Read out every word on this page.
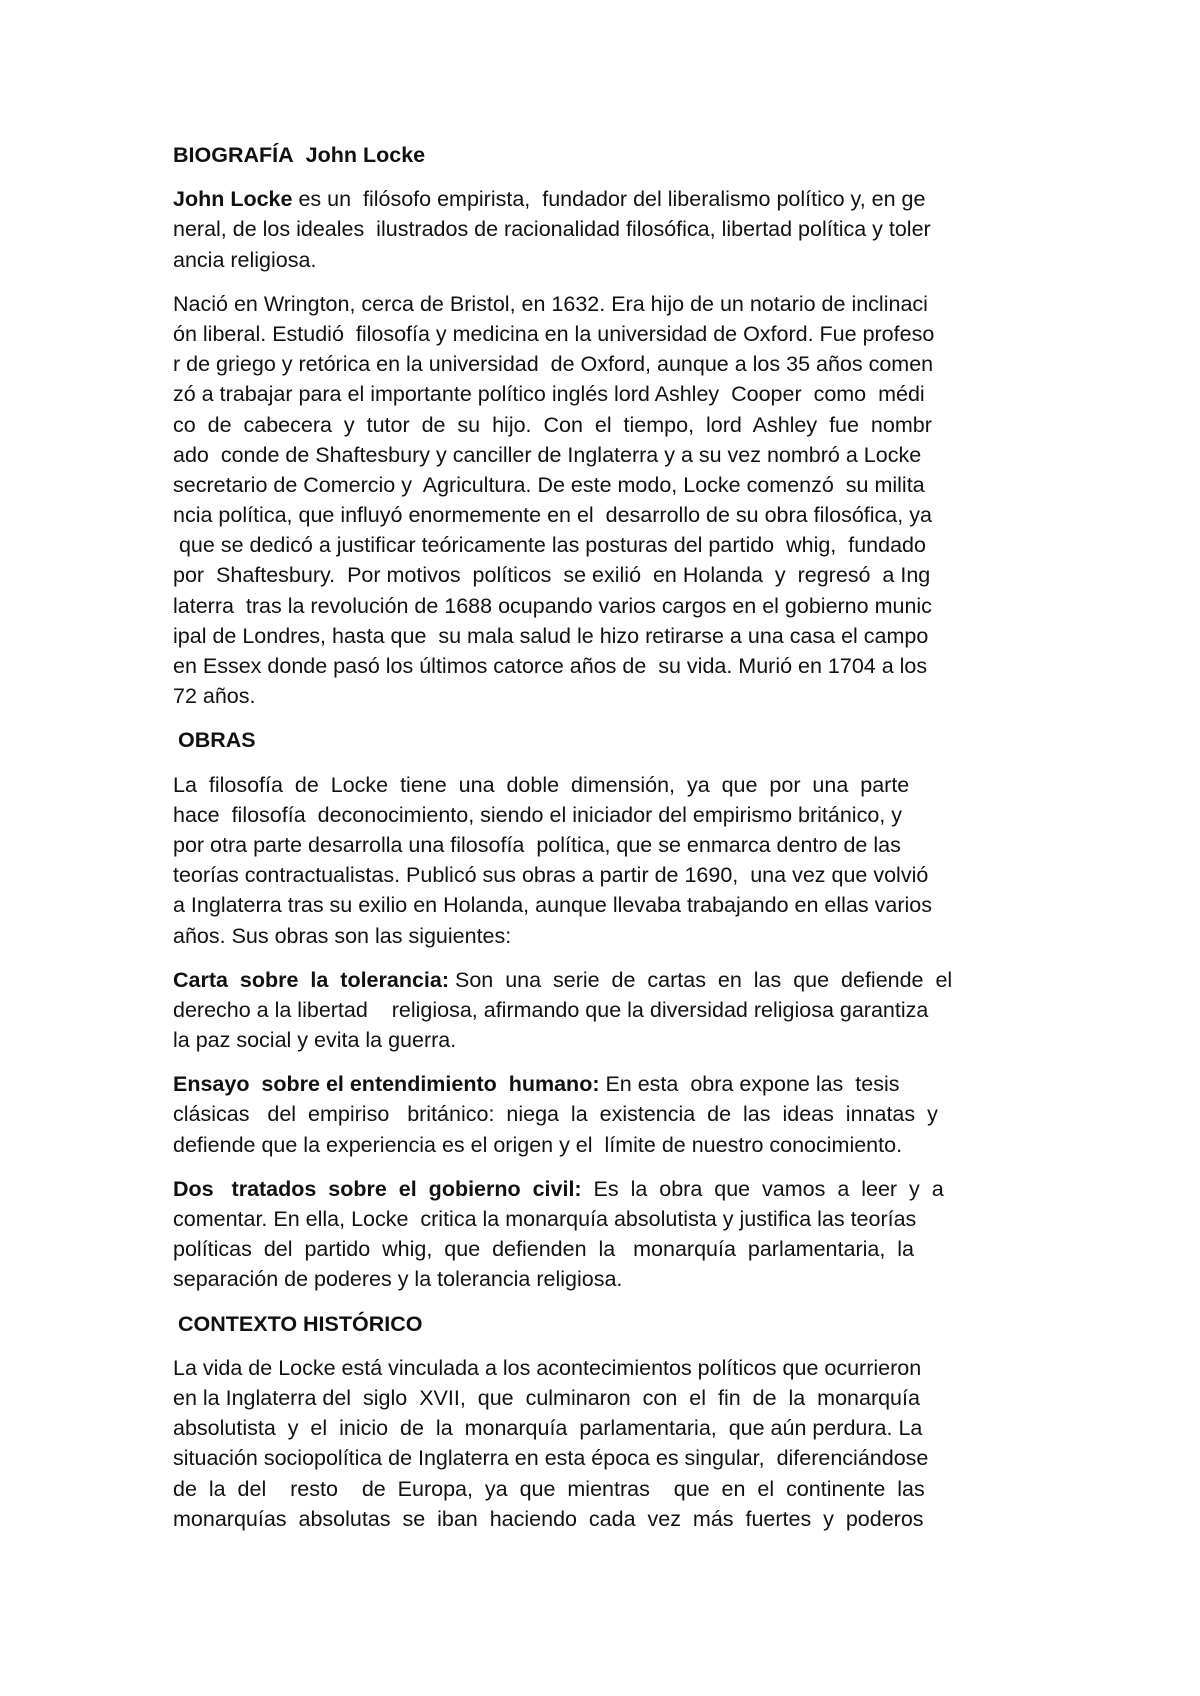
BIOGRAFÍA John Locke
John Locke es un  filósofo empirista,  fundador del liberalismo político y, en ge
neral, de los ideales  ilustrados de racionalidad filosófica, libertad política y toler
ancia religiosa.
Nació en Wrington, cerca de Bristol, en 1632. Era hijo de un notario de inclinaci
ón liberal. Estudió  filosofía y medicina en la universidad de Oxford. Fue profeso
r de griego y retórica en la universidad  de Oxford, aunque a los 35 años comen
zó a trabajar para el importante político inglés lord Ashley  Cooper  como  médi
co  de  cabecera  y  tutor  de  su  hijo.  Con  el  tiempo,  lord  Ashley  fue  nombr
ado  conde de Shaftesbury y canciller de Inglaterra y a su vez nombró a Locke
secretario de Comercio y  Agricultura. De este modo, Locke comenzó  su milita
ncia política, que influyó enormemente en el  desarrollo de su obra filosófica, ya
que se dedicó a justificar teóricamente las posturas del partido  whig,  fundado
por  Shaftesbury.  Por motivos  políticos  se exilió  en Holanda  y  regresó  a Ing
laterra  tras la revolución de 1688 ocupando varios cargos en el gobierno munic
ipal de Londres, hasta que  su mala salud le hizo retirarse a una casa el campo
en Essex donde pasó los últimos catorce años de  su vida. Murió en 1704 a los
72 años.
OBRAS
La  filosofía  de  Locke  tiene  una  doble  dimensión,  ya  que  por  una  parte
hace  filosofía  deconocimiento, siendo el iniciador del empirismo británico, y
por otra parte desarrolla una filosofía  política, que se enmarca dentro de las
teorías contractualistas. Publicó sus obras a partir de 1690,  una vez que volvió
a Inglaterra tras su exilio en Holanda, aunque llevaba trabajando en ellas varios
años. Sus obras son las siguientes:
Carta  sobre  la  tolerancia: Son  una  serie  de  cartas  en  las  que  defiende  el
derecho a la libertad    religiosa, afirmando que la diversidad religiosa garantiza
la paz social y evita la guerra.
Ensayo  sobre el entendimiento  humano: En esta  obra expone las  tesis
clásicas   del  empiriso   británico:  niega  la  existencia  de  las  ideas  innatas  y
defiende que la experiencia es el origen y el  límite de nuestro conocimiento.
Dos   tratados  sobre  el  gobierno  civil:  Es  la  obra  que  vamos  a  leer  y  a
comentar. En ella, Locke  critica la monarquía absolutista y justifica las teorías
políticas  del  partido  whig,  que  defienden  la   monarquía  parlamentaria,  la
separación de poderes y la tolerancia religiosa.
CONTEXTO HISTÓRICO
La vida de Locke está vinculada a los acontecimientos políticos que ocurrieron
en la Inglaterra del  siglo  XVII,  que  culminaron  con  el  fin  de  la  monarquía
absolutista  y  el  inicio  de  la  monarquía  parlamentaria,  que aún perdura. La
situación sociopolítica de Inglaterra en esta época es singular,  diferenciándose
de  la  del    resto    de  Europa,  ya  que  mientras    que  en  el  continente  las
monarquías  absolutas  se  iban  haciendo  cada  vez  más  fuertes  y  poderos
